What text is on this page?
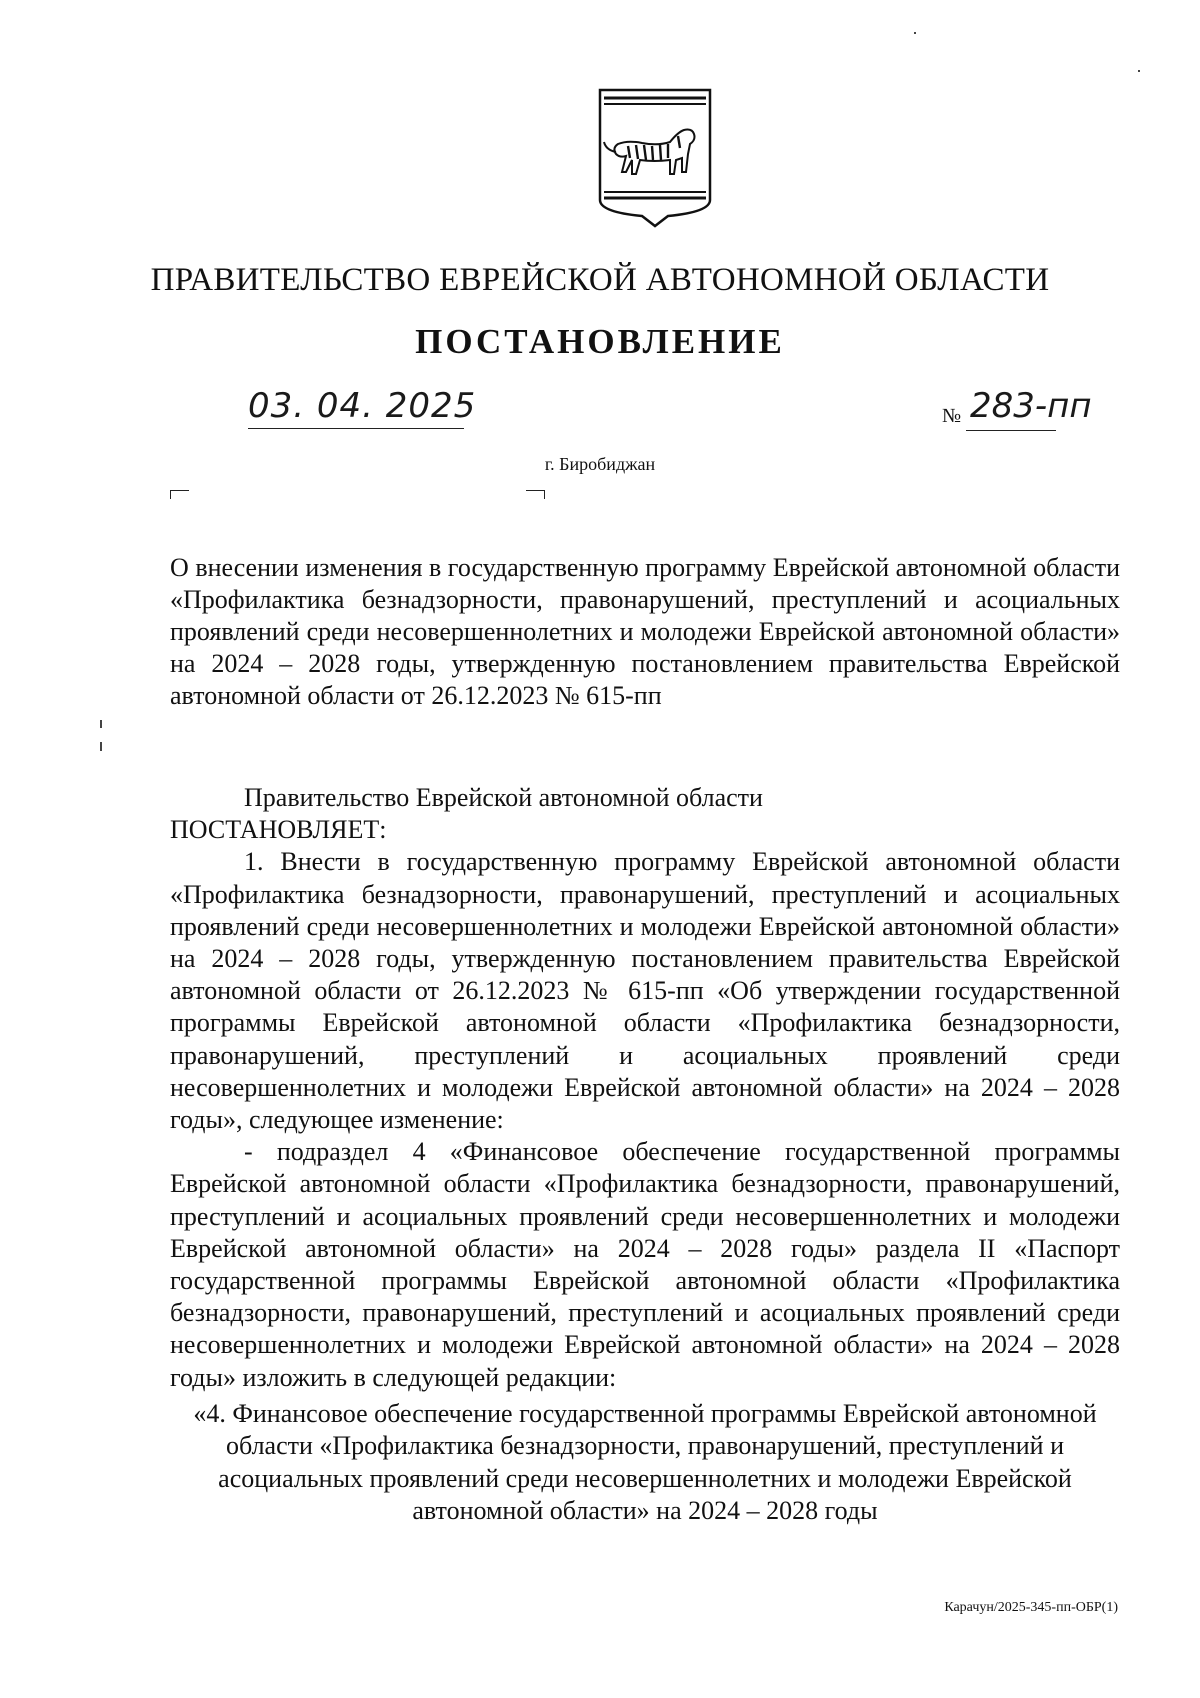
ПРАВИТЕЛЬСТВО ЕВРЕЙСКОЙ АВТОНОМНОЙ ОБЛАСТИ
ПОСТАНОВЛЕНИЕ
03. 04. 2025	№ 283-пп
г. Биробиджан
О внесении изменения в государственную программу Еврейской автономной области «Профилактика безнадзорности, правонарушений, преступлений и асоциальных проявлений среди несовершеннолетних и молодежи Еврейской автономной области» на 2024 – 2028 годы, утвержденную постановлением правительства Еврейской автономной области от 26.12.2023 № 615-пп

Правительство Еврейской автономной области

ПОСТАНОВЛЯЕТ:

1. Внести в государственную программу Еврейской автономной области «Профилактика безнадзорности, правонарушений, преступлений и асоциальных проявлений среди несовершеннолетних и молодежи Еврейской автономной области» на 2024 – 2028 годы, утвержденную постановлением правительства Еврейской автономной области от 26.12.2023 № 615-пп «Об утверждении государственной программы Еврейской автономной области «Профилактика безнадзорности, правонарушений, преступлений и асоциальных проявлений среди несовершеннолетних и молодежи Еврейской автономной области» на 2024 – 2028 годы», следующее изменение:

- подраздел 4 «Финансовое обеспечение государственной программы Еврейской автономной области «Профилактика безнадзорности, правонарушений, преступлений и асоциальных проявлений среди несовершеннолетних и молодежи Еврейской автономной области» на 2024 – 2028 годы» раздела II «Паспорт государственной программы Еврейской автономной области «Профилактика безнадзорности, правонарушений, преступлений и асоциальных проявлений среди несовершеннолетних и молодежи Еврейской автономной области» на 2024 – 2028 годы» изложить в следующей редакции:

«4. Финансовое обеспечение государственной программы Еврейской автономной области «Профилактика безнадзорности, правонарушений, преступлений и асоциальных проявлений среди несовершеннолетних и молодежи Еврейской автономной области» на 2024 – 2028 годы

Карачун/2025-345-пп-ОБР(1)
